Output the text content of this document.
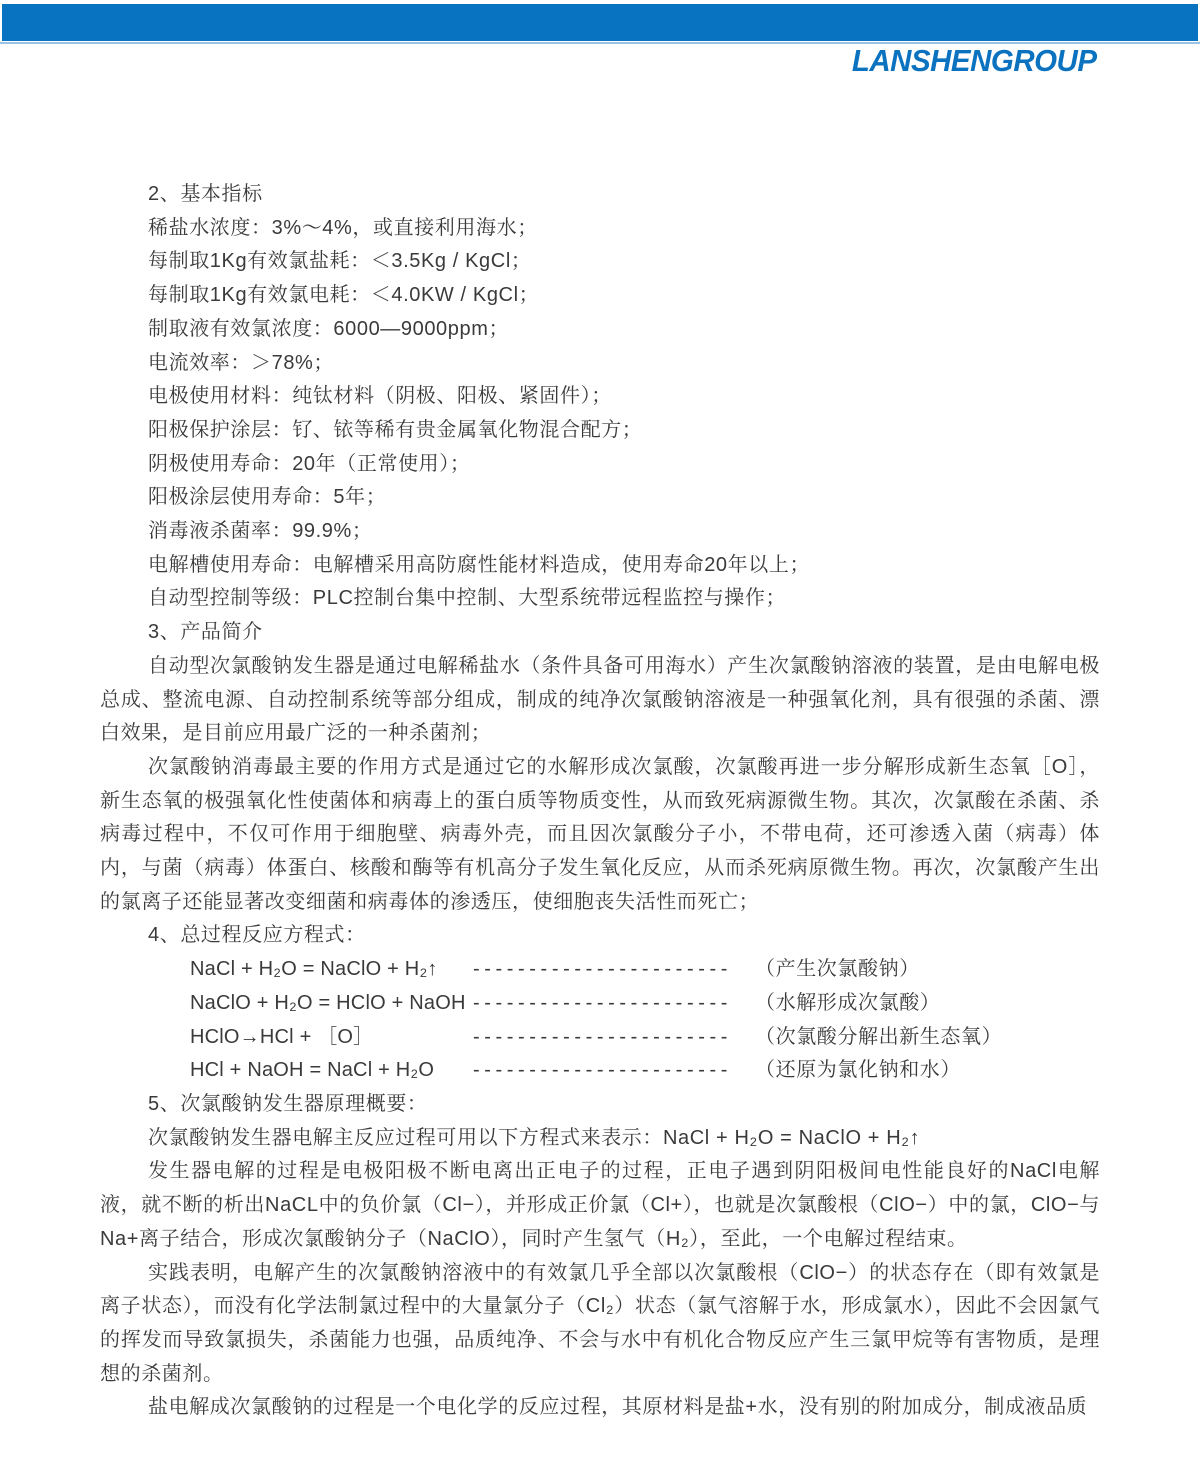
LANSHENGROUP
2、基本指标
稀盐水浓度：3%～4%，或直接利用海水；
每制取1Kg有效氯盐耗：＜3.5Kg / KgCl；
每制取1Kg有效氯电耗：＜4.0KW / KgCl；
制取液有效氯浓度：6000—9000ppm；
电流效率：＞78%；
电极使用材料：纯钛材料（阴极、阳极、紧固件）；
阳极保护涂层：钌、铱等稀有贵金属氧化物混合配方；
阴极使用寿命：20年（正常使用）；
阳极涂层使用寿命：5年；
消毒液杀菌率：99.9%；
电解槽使用寿命：电解槽采用高防腐性能材料造成，使用寿命20年以上；
自动型控制等级：PLC控制台集中控制、大型系统带远程监控与操作；
3、产品简介

自动型次氯酸钠发生器是通过电解稀盐水（条件具备可用海水）产生次氯酸钠溶液的装置，是由电解电极总成、整流电源、自动控制系统等部分组成，制成的纯净次氯酸钠溶液是一种强氧化剂，具有很强的杀菌、漂白效果，是目前应用最广泛的一种杀菌剂；

次氯酸钠消毒最主要的作用方式是通过它的水解形成次氯酸，次氯酸再进一步分解形成新生态氧［O］，新生态氧的极强氧化性使菌体和病毒上的蛋白质等物质变性，从而致死病源微生物。其次，次氯酸在杀菌、杀病毒过程中，不仅可作用于细胞壁、病毒外壳，而且因次氯酸分子小，不带电荷，还可渗透入菌（病毒）体内，与菌（病毒）体蛋白、核酸和酶等有机高分子发生氧化反应，从而杀死病原微生物。再次，次氯酸产生出的氯离子还能显著改变细菌和病毒体的渗透压，使细胞丧失活性而死亡；

4、总过程反应方程式：
NaCl + H₂O = NaClO + H₂↑	-----------------------	（产生次氯酸钠）
NaClO + H₂O = HClO + NaOH -----------------------	（水解形成次氯酸）
HClO→HCl + ［O］	-----------------------	（次氯酸分解出新生态氧）
HCl + NaOH = NaCl + H₂O	-----------------------	（还原为氯化钠和水）
5、次氯酸钠发生器原理概要：
次氯酸钠发生器电解主反应过程可用以下方程式来表示：NaCl + H₂O = NaClO + H₂↑

发生器电解的过程是电极阳极不断电离出正电子的过程，正电子遇到阴阳极间电性能良好的NaCl电解液，就不断的析出NaCL中的负价氯（Cl−），并形成正价氯（Cl+），也就是次氯酸根（ClO−）中的氯，ClO−与Na+离子结合，形成次氯酸钠分子（NaClO），同时产生氢气（H₂），至此，一个电解过程结束。

实践表明，电解产生的次氯酸钠溶液中的有效氯几乎全部以次氯酸根（ClO−）的状态存在（即有效氯是离子状态），而没有化学法制氯过程中的大量氯分子（Cl₂）状态（氯气溶解于水，形成氯水），因此不会因氯气的挥发而导致氯损失，杀菌能力也强，品质纯净、不会与水中有机化合物反应产生三氯甲烷等有害物质，是理想的杀菌剂。

盐电解成次氯酸钠的过程是一个电化学的反应过程，其原材料是盐+水，没有别的附加成分，制成液品质
